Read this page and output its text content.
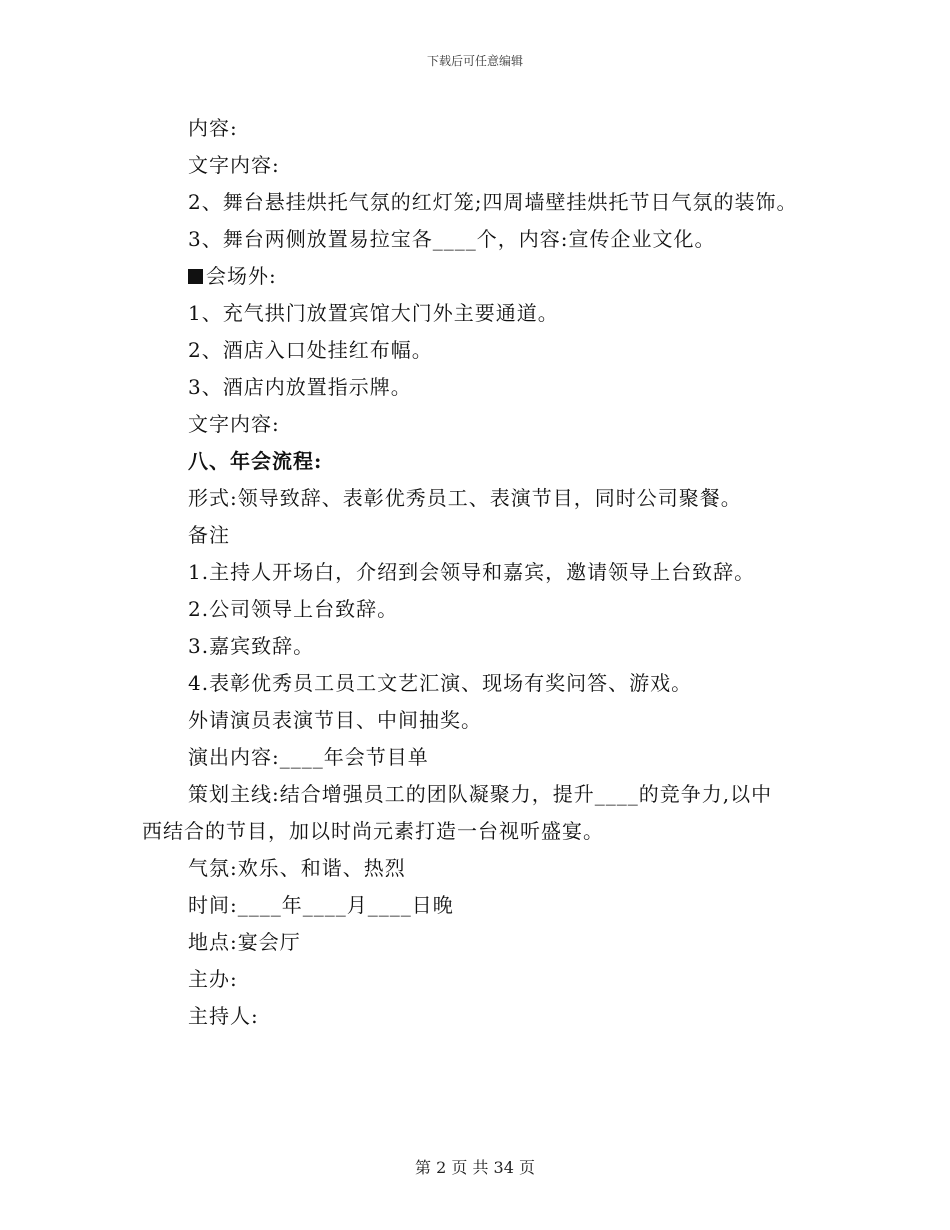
下载后可任意编辑
内容:
文字内容:
2、舞台悬挂烘托气氛的红灯笼;四周墙壁挂烘托节日气氛的装饰。
3、舞台两侧放置易拉宝各____个，内容:宣传企业文化。
会场外:
1、充气拱门放置宾馆大门外主要通道。
2、酒店入口处挂红布幅。
3、酒店内放置指示牌。
文字内容:
八、年会流程:
形式:领导致辞、表彰优秀员工、表演节目，同时公司聚餐。
备注
1.主持人开场白，介绍到会领导和嘉宾，邀请领导上台致辞。
2.公司领导上台致辞。
3.嘉宾致辞。
4.表彰优秀员工员工文艺汇演、现场有奖问答、游戏。
外请演员表演节目、中间抽奖。
演出内容:____年会节目单
策划主线:结合增强员工的团队凝聚力，提升____的竞争力,以中
西结合的节目，加以时尚元素打造一台视听盛宴。
气氛:欢乐、和谐、热烈
时间:____年____月____日晚
地点:宴会厅
主办:
主持人:
第 2 页 共 34 页
